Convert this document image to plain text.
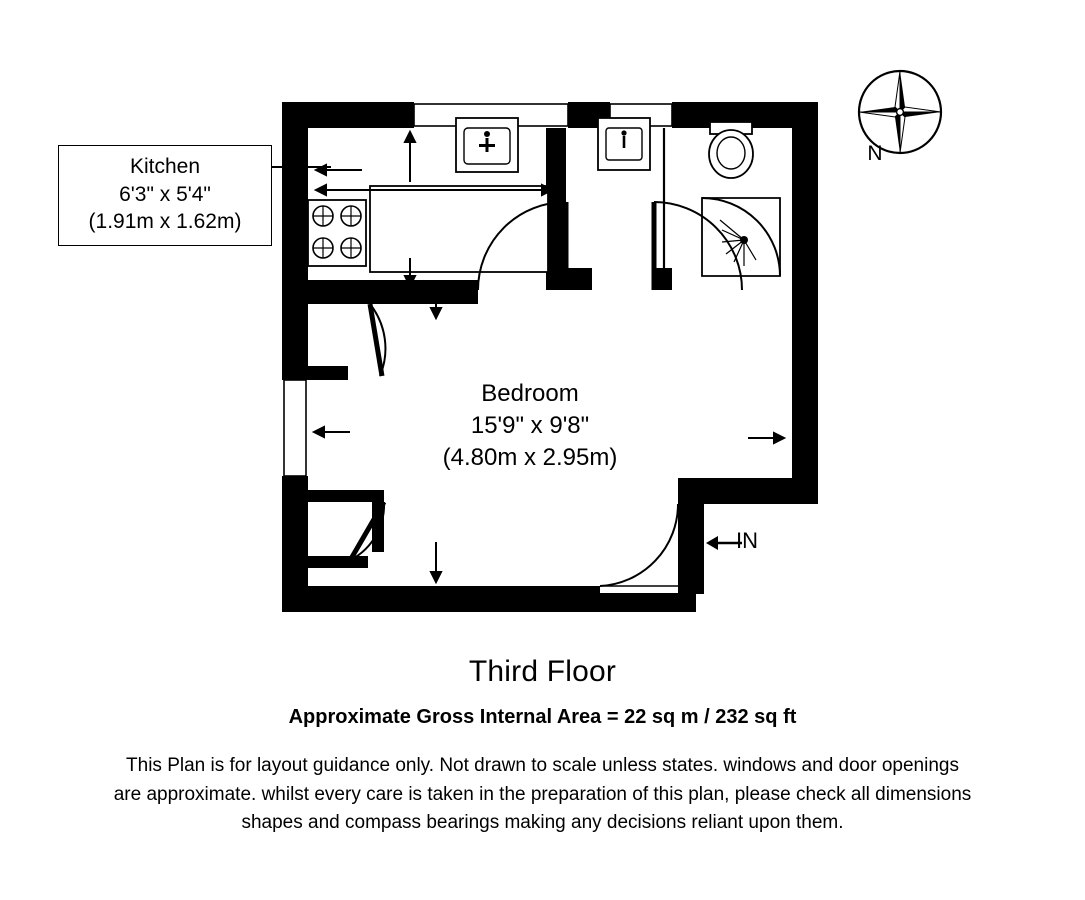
N
Kitchen
6'3" x 5'4"
(1.91m x 1.62m)
Bedroom
15'9" x 9'8"
(4.80m x 2.95m)
IN
Third Floor
Approximate Gross Internal Area = 22 sq m / 232 sq ft
This Plan is for layout guidance only. Not drawn to scale unless states. windows and door openings
are approximate. whilst every care is taken in the preparation of this plan, please check all dimensions
shapes and compass bearings making any decisions reliant upon them.
